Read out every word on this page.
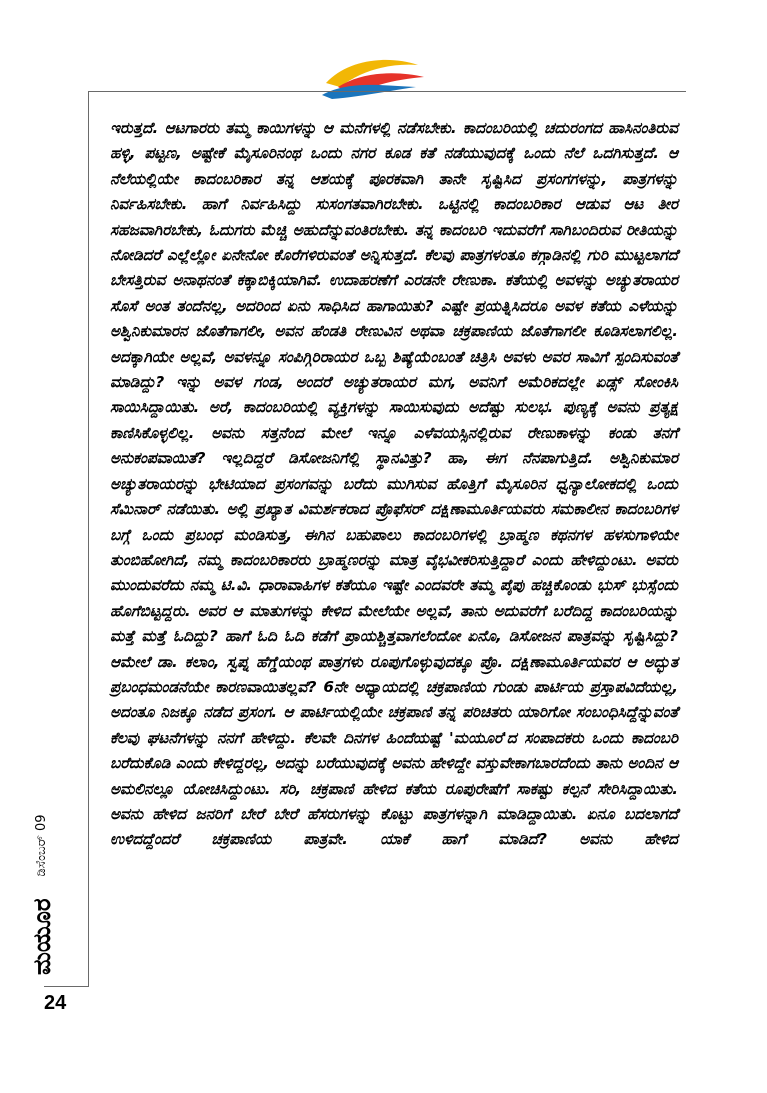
ಇರುತ್ತದೆ. ಆಟಗಾರರು ತಮ್ಮ ಕಾಯಿಗಳನ್ನು ಆ ಮನೆಗಳಲ್ಲಿ ನಡೆಸಬೇಕು. ಕಾದಂಬರಿಯಲ್ಲಿ ಚದುರಂಗದ ಹಾಸಿನಂತಿರುವ ಹಳ್ಳಿ, ಪಟ್ಟಣ, ಅಷ್ಟೇಕೆ ಮೈಸೂರಿನಂಥ ಒಂದು ನಗರ ಕೂಡ ಕತೆ ನಡೆಯುವುದಕ್ಕೆ ಒಂದು ನೆಲೆ ಒದಗಿಸುತ್ತದೆ. ಆ ನೆಲೆಯಲ್ಲಿಯೇ ಕಾದಂಬರಿಕಾರ ತನ್ನ ಆಶಯಕ್ಕೆ ಪೂರಕವಾಗಿ ತಾನೇ ಸೃಷ್ಟಿಸಿದ ಪ್ರಸಂಗಗಳನ್ನು, ಪಾತ್ರಗಳನ್ನು ನಿರ್ವಹಿಸಬೇಕು. ಹಾಗೆ ನಿರ್ವಹಿಸಿದ್ದು ಸುಸಂಗತವಾಗಿರಬೇಕು. ಒಟ್ಟಿನಲ್ಲಿ ಕಾದಂಬರಿಕಾರ ಆಡುವ ಆಟ ತೀರ ಸಹಜವಾಗಿರಬೇಕು, ಓದುಗರು ಮೆಚ್ಚಿ ಅಹುದೆನ್ನುವಂತಿರಬೇಕು. ತನ್ನ ಕಾದಂಬರಿ ಇದುವರೆಗೆ ಸಾಗಿಬಂದಿರುವ ರೀತಿಯನ್ನು ನೋಡಿದರೆ ಎಲ್ಲೆಲ್ಲೋ ಏನೇನೋ ಕೊರೆಗಳಿರುವಂತೆ ಅನ್ನಿಸುತ್ತದೆ. ಕೆಲವು ಪಾತ್ರಗಳಂತೂ ಕಗ್ಗಾಡಿನಲ್ಲಿ ಗುರಿ ಮುಟ್ಟಲಾಗದೆ ಬೇಸತ್ತಿರುವ ಅನಾಥನಂತೆ ಕಕ್ಕಾಬಿಕ್ಕಿಯಾಗಿವೆ. ಉದಾಹರಣೆಗೆ ಎರಡನೇ ರೇಣುಕಾ. ಕತೆಯಲ್ಲಿ ಅವಳನ್ನು ಅಚ್ಯುತರಾಯರ ಸೊಸೆ ಅಂತ ತಂದೆನಲ್ಲ, ಅದರಿಂದ ಏನು ಸಾಧಿಸಿದ ಹಾಗಾಯಿತು? ಎಷ್ಟೇ ಪ್ರಯತ್ನಿಸಿದರೂ ಅವಳ ಕತೆಯ ಎಳೆಯನ್ನು ಅಶ್ವಿನಿಕುಮಾರನ ಜೊತೆಗಾಗಲೀ, ಅವನ ಹೆಂಡತಿ ರೇಣುವಿನ ಅಥವಾ ಚಕ್ರಪಾಣಿಯ ಜೊತೆಗಾಗಲೀ ಕೂಡಿಸಲಾಗಲಿಲ್ಲ. ಅದಕ್ಕಾಗಿಯೇ ಅಲ್ಲವೆ, ಅವಳನ್ನೂ ಸಂಪಿಗ್ಗಿರಿರಾಯರ ಒಬ್ಬ ಶಿಷ್ಯೆಯೆಂಬಂತೆ ಚಿತ್ರಿಸಿ ಅವಳು ಅವರ ಸಾವಿಗೆ ಸ್ಪಂದಿಸುವಂತೆ ಮಾಡಿದ್ದು? ಇನ್ನು ಅವಳ ಗಂಡ, ಅಂದರೆ ಅಚ್ಯುತರಾಯರ ಮಗ, ಅವನಿಗೆ ಅಮೆರಿಕದಲ್ಲೇ ಏಡ್ಸ್ ಸೋಂಕಿಸಿ ಸಾಯಿಸಿದ್ದಾಯಿತು. ಅರೆ, ಕಾದಂಬರಿಯಲ್ಲಿ ವ್ಯಕ್ತಿಗಳನ್ನು ಸಾಯಿಸುವುದು ಅದೆಷ್ಟು ಸುಲಭ. ಪುಣ್ಯಕ್ಕೆ ಅವನು ಪ್ರತ್ಯಕ್ಷ ಕಾಣಿಸಿಕೊಳ್ಳಲಿಲ್ಲ. ಅವನು ಸತ್ತನೆಂದ ಮೇಲೆ ಇನ್ನೂ ಎಳೆವಯಸ್ಸಿನಲ್ಲಿರುವ ರೇಣುಕಾಳನ್ನು ಕಂಡು ತನಗೆ ಅನುಕಂಪವಾಯಿತೆ? ಇಲ್ಲದಿದ್ದರೆ ಡಿಸೋಜನಿಗೆಲ್ಲಿ ಸ್ಥಾನವಿತ್ತು? ಹಾ, ಈಗ ನೆನಪಾಗುತ್ತಿದೆ. ಅಶ್ವಿನಿಕುಮಾರ ಅಚ್ಯುತರಾಯರನ್ನು ಭೇಟಿಯಾದ ಪ್ರಸಂಗವನ್ನು ಬರೆದು ಮುಗಿಸುವ ಹೊತ್ತಿಗೆ ಮೈಸೂರಿನ ಧ್ವನ್ಯಾಲೋಕದಲ್ಲಿ ಒಂದು ಸೆಮಿನಾರ್ ನಡೆಯಿತು. ಅಲ್ಲಿ ಪ್ರಖ್ಯಾತ ವಿಮರ್ಶಕರಾದ ಪ್ರೊಫೆಸರ್ ದಕ್ಷಿಣಾಮೂರ್ತಿಯವರು ಸಮಕಾಲೀನ ಕಾದಂಬರಿಗಳ ಬಗ್ಗೆ ಒಂದು ಪ್ರಬಂಧ ಮಂಡಿಸುತ್ತ, ಈಗಿನ ಬಹುಪಾಲು ಕಾದಂಬರಿಗಳಲ್ಲಿ ಬ್ರಾಹ್ಮಣ ಕಥನಗಳ ಹಳಸುಗಾಳಿಯೇ ತುಂಬಿಹೋಗಿದೆ, ನಮ್ಮ ಕಾದಂಬರಿಕಾರರು ಬ್ರಾಹ್ಮಣರನ್ನು ಮಾತ್ರ ವೈಭವೀಕರಿಸುತ್ತಿದ್ದಾರೆ ಎಂದು ಹೇಳಿದ್ದುಂಟು. ಅವರು ಮುಂದುವರೆದು ನಮ್ಮ ಟಿ.ವಿ. ಧಾರಾವಾಹಿಗಳ ಕತೆಯೂ ಇಷ್ಟೇ ಎಂದವರೇ ತಮ್ಮ ಪೈಪು ಹಚ್ಚಿಕೊಂಡು ಭುಸ್ ಭುಸ್ಸೆಂದು ಹೊಗೆಬಿಟ್ಟದ್ದರು. ಅವರ ಆ ಮಾತುಗಳನ್ನು ಕೇಳಿದ ಮೇಲೆಯೇ ಅಲ್ಲವೆ, ತಾನು ಅದುವರೆಗೆ ಬರೆದಿದ್ದ ಕಾದಂಬರಿಯನ್ನು ಮತ್ತೆ ಮತ್ತೆ ಓದಿದ್ದು? ಹಾಗೆ ಓದಿ ಓದಿ ಕಡೆಗೆ ಪ್ರಾಯಶ್ಚಿತ್ತವಾಗಲೆಂದೋ ಏನೊ, ಡಿಸೋಜನ ಪಾತ್ರವನ್ನು ಸೃಷ್ಟಿಸಿದ್ದು? ಆಮೇಲೆ ಡಾ. ಕಲಾಂ, ಸ್ವಪ್ನ ಹೆಗ್ಡೆಯಂಥ ಪಾತ್ರಗಳು ರೂಪುಗೊಳ್ಳುವುದಕ್ಕೂ ಪ್ರೊ. ದಕ್ಷಿಣಾಮೂರ್ತಿಯವರ ಆ ಅದ್ಭುತ ಪ್ರಬಂಧಮಂಡನೆಯೇ ಕಾರಣವಾಯಿತಲ್ಲವೆ? 6ನೇ ಅಧ್ಯಾಯದಲ್ಲಿ ಚಕ್ರಪಾಣಿಯ ಗುಂಡು ಪಾರ್ಟಿಯ ಪ್ರಸ್ತಾಪವಿದೆಯಲ್ಲ, ಅದಂತೂ ನಿಜಕ್ಕೂ ನಡೆದ ಪ್ರಸಂಗ. ಆ ಪಾರ್ಟಿಯಲ್ಲಿಯೇ ಚಕ್ರಪಾಣಿ ತನ್ನ ಪರಿಚಿತರು ಯಾರಿಗೋ ಸಂಬಂಧಿಸಿದ್ದೆನ್ನುವಂತೆ ಕೆಲವು ಘಟನೆಗಳನ್ನು ನನಗೆ ಹೇಳಿದ್ದು. ಕೆಲವೇ ದಿನಗಳ ಹಿಂದೆಯಷ್ಟೆ 'ಮಯೂರ'ದ ಸಂಪಾದಕರು ಒಂದು ಕಾದಂಬರಿ ಬರೆದುಕೊಡಿ ಎಂದು ಕೇಳಿದ್ದರಲ್ಲ, ಅದನ್ನು ಬರೆಯುವುದಕ್ಕೆ ಅವನು ಹೇಳಿದ್ದೇ ವಸ್ತುವೇಕಾಗಬಾರದೆಂದು ತಾನು ಅಂದಿನ ಆ ಅಮಲಿನಲ್ಲೂ ಯೋಚಿಸಿದ್ದುಂಟು. ಸರಿ, ಚಕ್ರಪಾಣಿ ಹೇಳಿದ ಕತೆಯ ರೂಪುರೇಷೆಗೆ ಸಾಕಷ್ಟು ಕಲ್ಪನೆ ಸೇರಿಸಿದ್ದಾಯಿತು. ಅವನು ಹೇಳಿದ ಜನರಿಗೆ ಬೇರೆ ಬೇರೆ ಹೆಸರುಗಳನ್ನು ಕೊಟ್ಟು ಪಾತ್ರಗಳನ್ನಾಗಿ ಮಾಡಿದ್ದಾಯಿತು. ಏನೂ ಬದಲಾಗದೆ ಉಳಿದದ್ದೆಂದರೆ ಚಕ್ರಪಾಣಿಯ ಪಾತ್ರವೇ. ಯಾಕೆ ಹಾಗೆ ಮಾಡಿದೆ? ಅವನು ಹೇಳಿದ

ಮಯೂರ
ಡಿಸೆಂಬರ್ 09
24
